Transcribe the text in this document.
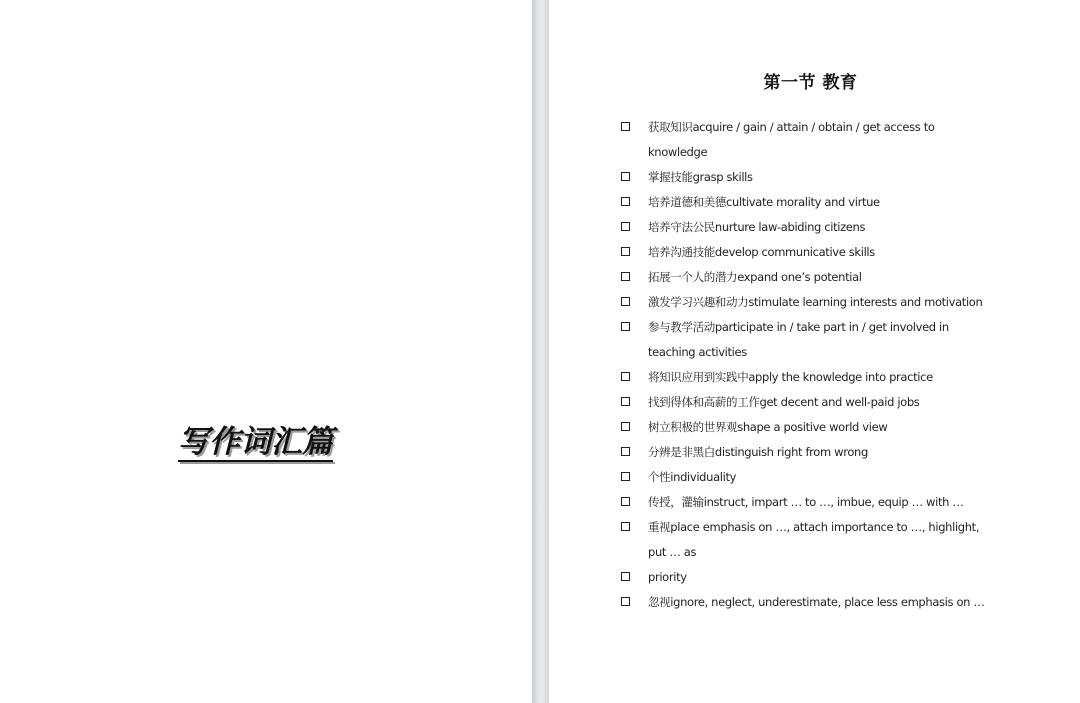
写作词汇篇
第一节 教育
获取知识acquire / gain / attain / obtain / get access to knowledge
掌握技能grasp skills
培养道德和美德cultivate morality and virtue
培养守法公民nurture law-abiding citizens
培养沟通技能develop communicative skills
拓展一个人的潜力expand one’s potential
激发学习兴趣和动力stimulate learning interests and motivation
参与教学活动participate in / take part in / get involved in teaching activities
将知识应用到实践中apply the knowledge into practice
找到得体和高薪的工作get decent and well-paid jobs
树立积极的世界观shape a positive world view
分辨是非黑白distinguish right from wrong
个性individuality
传授，灌输instruct, impart … to …, imbue, equip … with …
重视place emphasis on …, attach importance to …, highlight, put … as
priority
忽视ignore, neglect, underestimate, place less emphasis on …
